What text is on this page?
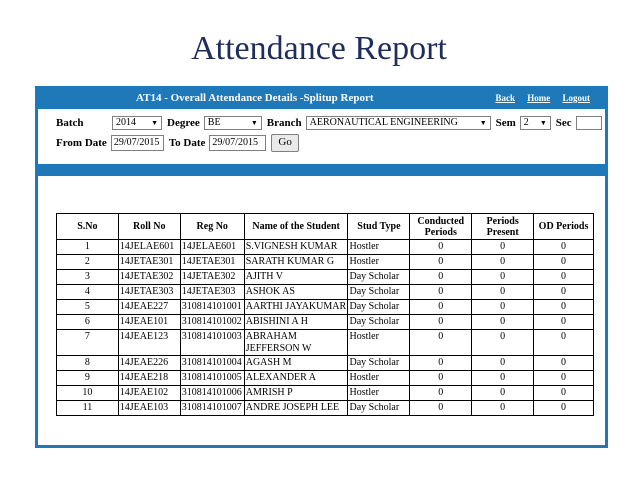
Attendance Report
AT14 - Overall Attendance Details -Splitup Report	Back Home Logout
Batch	2014 ▼ Degree BE	▼ Branch AERONAUTICAL ENGINEERING	▼ Sem 2 ▼ Sec
From Date 29/07/2015 To Date 29/07/2015	Go
S.No	Roll No	Reg No	Name of the Student	Stud Type	Conducted Periods	Periods Present	OD Periods
1	14JELAE601	14JELAE601	S.VIGNESH KUMAR	Hostler	0	0	0
2	14JETAE301	14JETAE301	SARATH KUMAR G	Hostler	0	0	0
3	14JETAE302	14JETAE302	AJITH V	Day Scholar	0	0	0
4	14JETAE303	14JETAE303	ASHOK AS	Day Scholar	0	0	0
5	14JEAE227	310814101001	AARTHI JAYAKUMAR	Day Scholar	0	0	0
6	14JEAE101	310814101002	ABISHINI A H	Day Scholar	0	0	0
7	14JEAE123	310814101003	ABRAHAM JEFFERSON W	Hostler	0	0	0
8	14JEAE226	310814101004	AGASH M	Day Scholar	0	0	0
9	14JEAE218	310814101005	ALEXANDER A	Hostler	0	0	0
10	14JEAE102	310814101006	AMRISH P	Hostler	0	0	0
11	14JEAE103	310814101007	ANDRE JOSEPH LEE	Day Scholar	0	0	0
